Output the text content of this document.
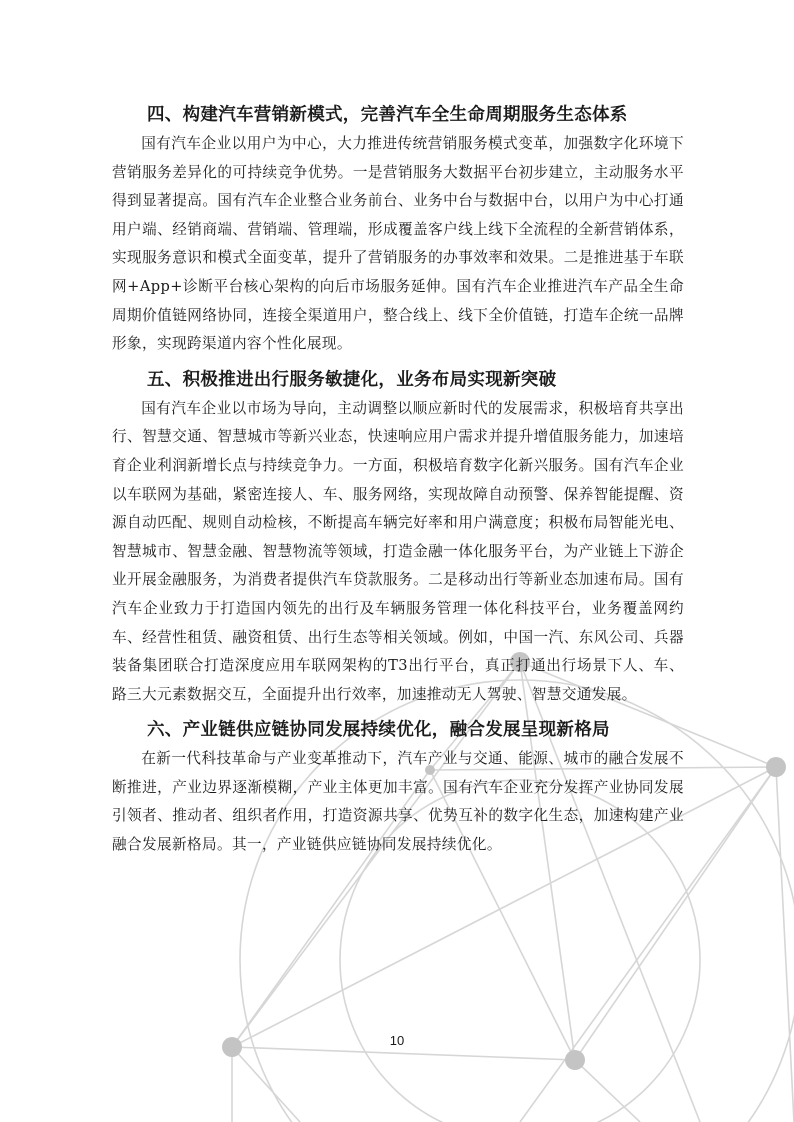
四、构建汽车营销新模式，完善汽车全生命周期服务生态体系

国有汽车企业以用户为中心，大力推进传统营销服务模式变革，加强数字化环境下营销服务差异化的可持续竞争优势。一是营销服务大数据平台初步建立，主动服务水平得到显著提高。国有汽车企业整合业务前台、业务中台与数据中台，以用户为中心打通用户端、经销商端、营销端、管理端，形成覆盖客户线上线下全流程的全新营销体系，实现服务意识和模式全面变革，提升了营销服务的办事效率和效果。二是推进基于车联网+App+诊断平台核心架构的向后市场服务延伸。国有汽车企业推进汽车产品全生命周期价值链网络协同，连接全渠道用户，整合线上、线下全价值链，打造车企统一品牌形象，实现跨渠道内容个性化展现。

五、积极推进出行服务敏捷化，业务布局实现新突破

国有汽车企业以市场为导向，主动调整以顺应新时代的发展需求，积极培育共享出行、智慧交通、智慧城市等新兴业态，快速响应用户需求并提升增值服务能力，加速培育企业利润新增长点与持续竞争力。一方面，积极培育数字化新兴服务。国有汽车企业以车联网为基础，紧密连接人、车、服务网络，实现故障自动预警、保养智能提醒、资源自动匹配、规则自动检核，不断提高车辆完好率和用户满意度；积极布局智能光电、智慧城市、智慧金融、智慧物流等领域，打造金融一体化服务平台，为产业链上下游企业开展金融服务，为消费者提供汽车贷款服务。二是移动出行等新业态加速布局。国有汽车企业致力于打造国内领先的出行及车辆服务管理一体化科技平台，业务覆盖网约车、经营性租赁、融资租赁、出行生态等相关领域。例如，中国一汽、东风公司、兵器装备集团联合打造深度应用车联网架构的T3出行平台，真正打通出行场景下人、车、路三大元素数据交互，全面提升出行效率，加速推动无人驾驶、智慧交通发展。

六、产业链供应链协同发展持续优化，融合发展呈现新格局

在新一代科技革命与产业变革推动下，汽车产业与交通、能源、城市的融合发展不断推进，产业边界逐渐模糊，产业主体更加丰富。国有汽车企业充分发挥产业协同发展引领者、推动者、组织者作用，打造资源共享、优势互补的数字化生态，加速构建产业融合发展新格局。其一，产业链供应链协同发展持续优化。

10
